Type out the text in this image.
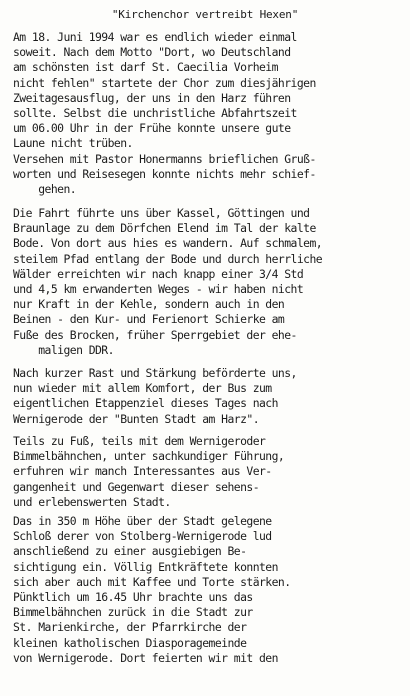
"Kirchenchor vertreibt Hexen"

Am 18. Juni 1994 war es endlich wieder einmal
soweit. Nach dem Motto "Dort, wo Deutschland
am schönsten ist darf St. Caecilia Vorheim
nicht fehlen" startete der Chor zum diesjährigen
Zweitagesausflug, der uns in den Harz führen
sollte. Selbst die unchristliche Abfahrtszeit
um 06.00 Uhr in der Frühe konnte unsere gute
Laune nicht trüben.

Versehen mit Pastor Honermanns brieflichen Gruß-
worten und Reisesegen konnte nichts mehr schief-
gehen.

Die Fahrt führte uns über Kassel, Göttingen und
Braunlage zu dem Dörfchen Elend im Tal der kalte
Bode. Von dort aus hies es wandern. Auf schmalem,
steilem Pfad entlang der Bode und durch herrliche
Wälder erreichten wir nach knapp einer 3/4 Std
und 4,5 km erwanderten Weges - wir haben nicht
nur Kraft in der Kehle, sondern auch in den
Beinen - den Kur- und Ferienort Schierke am
Fuße des Brocken, früher Sperrgebiet der ehe-
maligen DDR.

Nach kurzer Rast und Stärkung beförderte uns,
nun wieder mit allem Komfort, der Bus zum
eigentlichen Etappenziel dieses Tages nach
Wernigerode der "Bunten Stadt am Harz".

Teils zu Fuß, teils mit dem Wernigeroder
Bimmelbähnchen, unter sachkundiger Führung,
erfuhren wir manch Interessantes aus Ver-
gangenheit und Gegenwart dieser sehens-
und erlebenswerten Stadt.

Das in 350 m Höhe über der Stadt gelegene
Schloß derer von Stolberg-Wernigerode lud
anschließend zu einer ausgiebigen Be-
sichtigung ein. Völlig Entkräftete konnten
sich aber auch mit Kaffee und Torte stärken.
Pünktlich um 16.45 Uhr brachte uns das
Bimmelbähnchen zurück in die Stadt zur
St. Marienkirche, der Pfarrkirche der
kleinen katholischen Diasporagemeinde
von Wernigerode. Dort feierten wir mit den
